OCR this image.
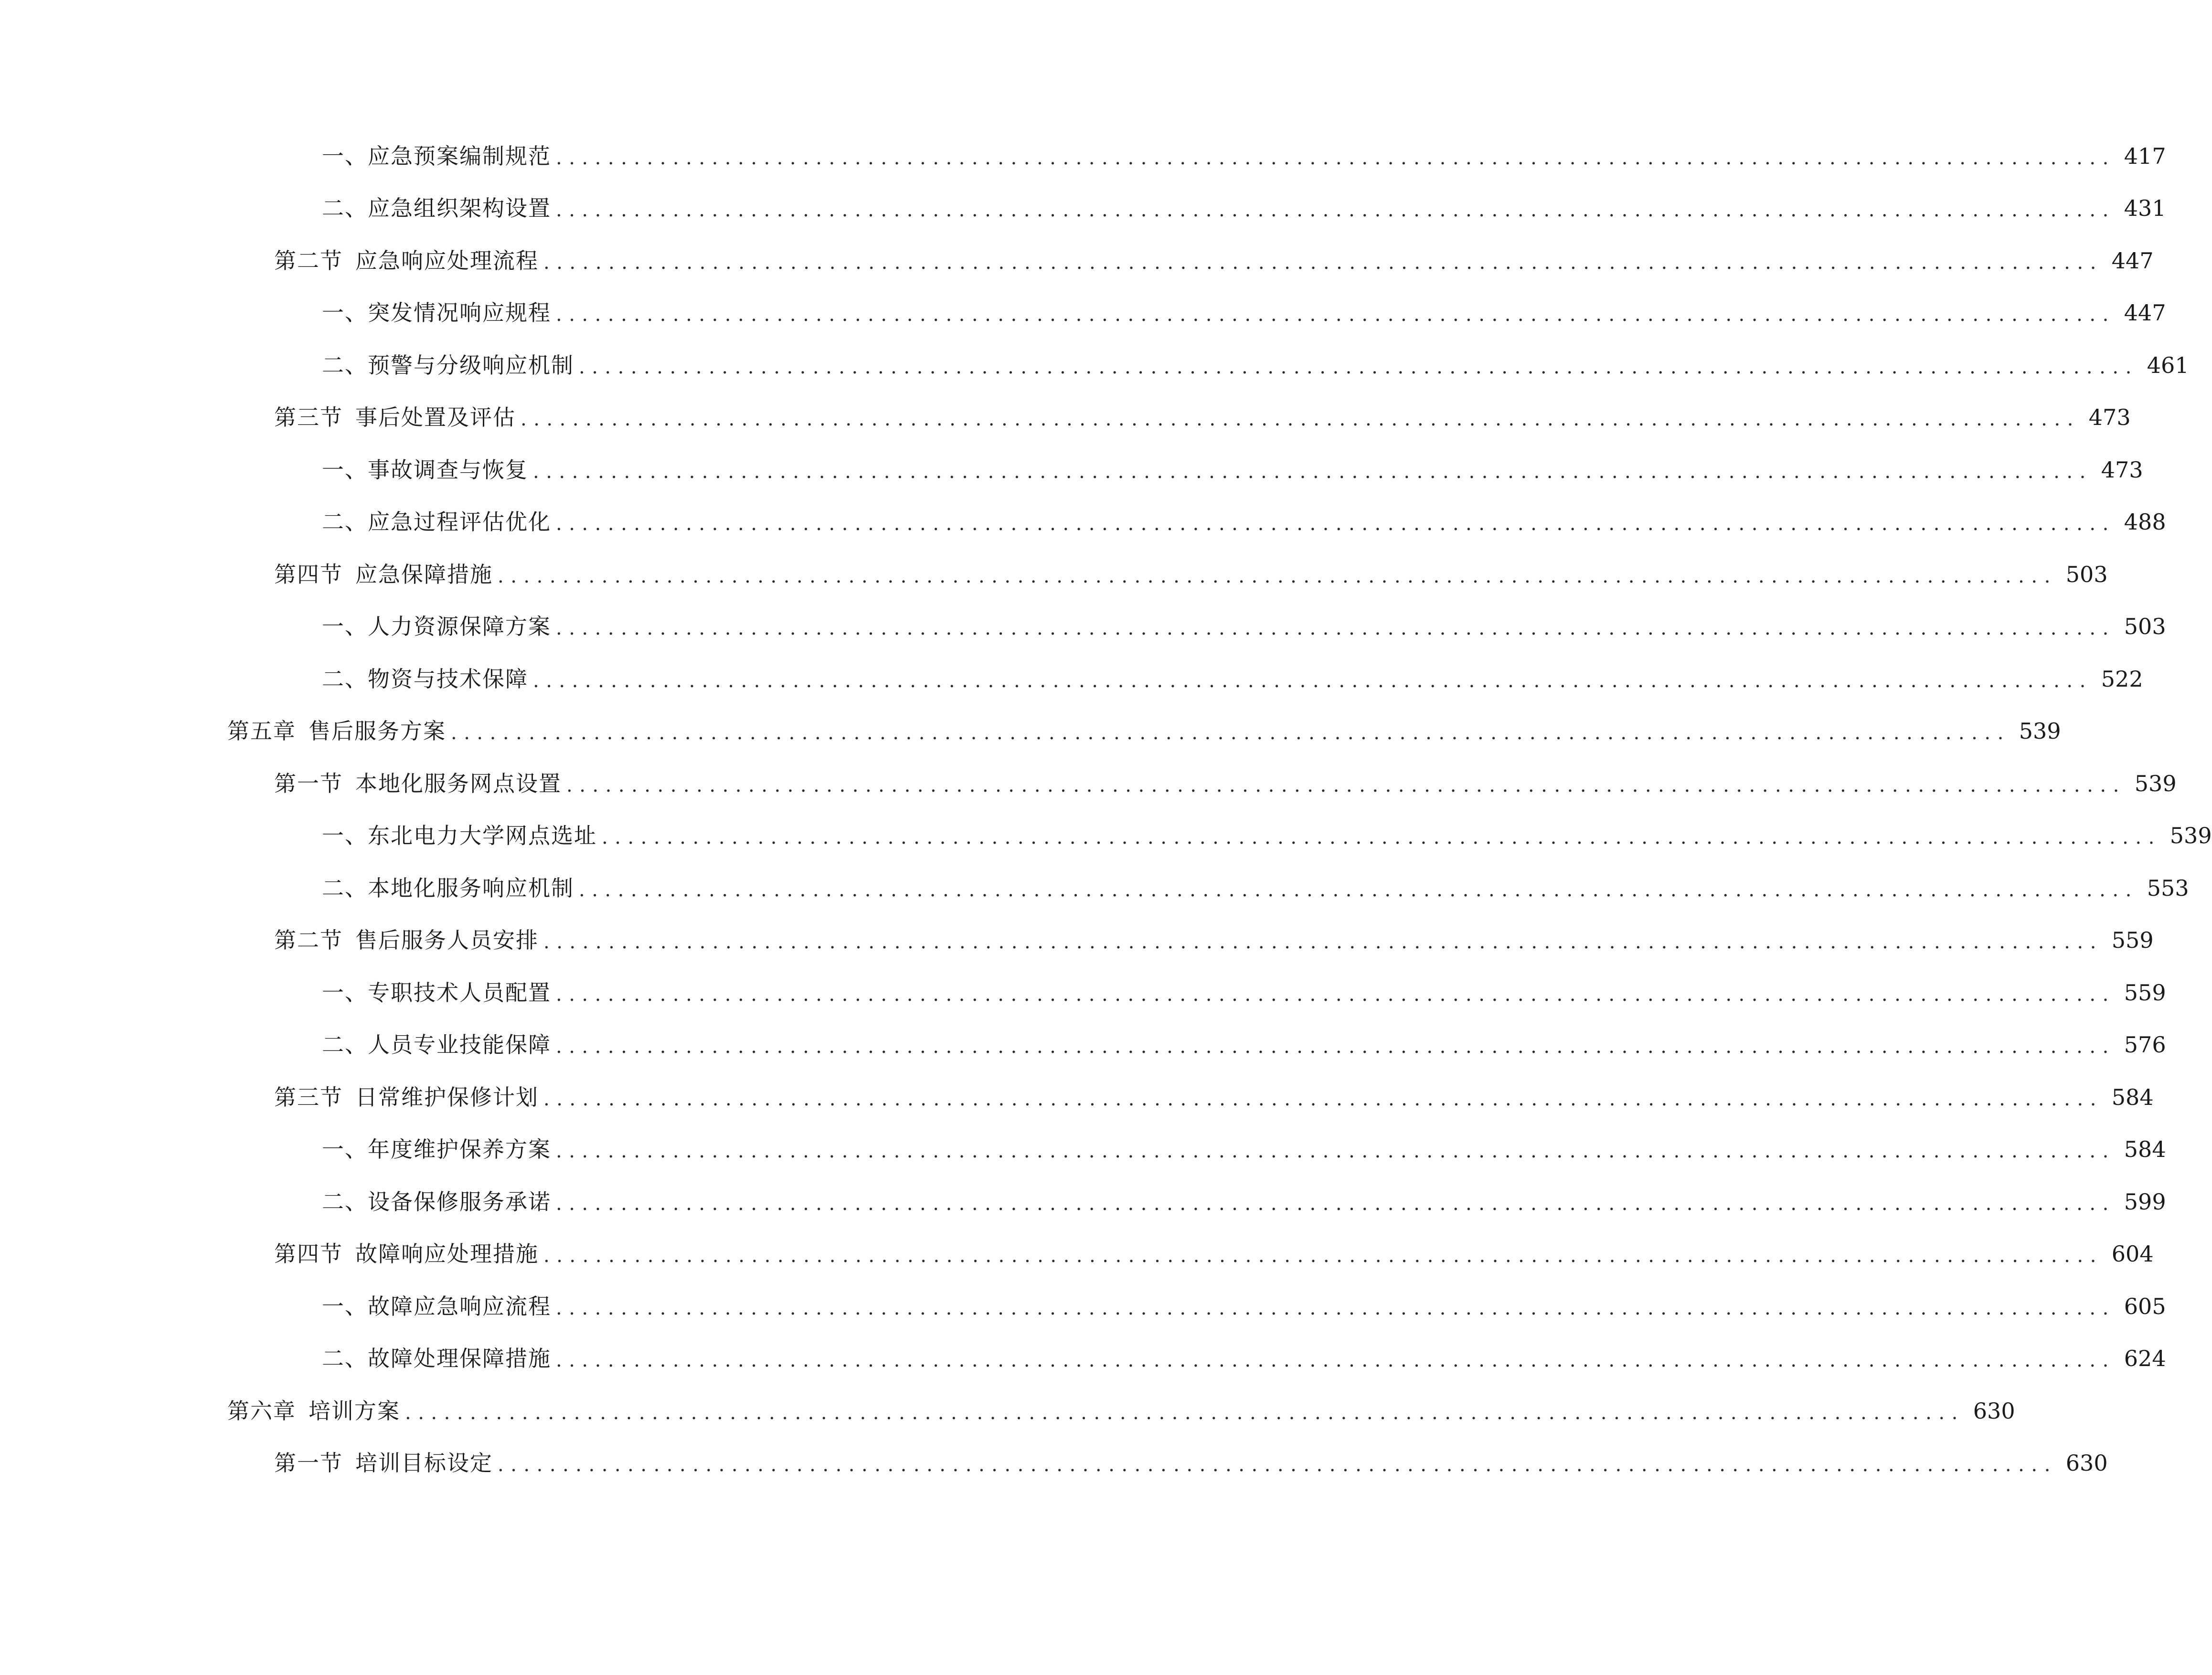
一、 应急预案编制规范 ........................................................................................................................ 417
二、 应急组织架构设置 ........................................................................................................................ 431
第二节 应急响应处理流程 ........................................................................................................................ 447
一、 突发情况响应规程 ........................................................................................................................ 447
二、 预警与分级响应机制 ........................................................................................................................ 461
第三节 事后处置及评估 ........................................................................................................................ 473
一、 事故调查与恢复 ........................................................................................................................ 473
二、 应急过程评估优化 ........................................................................................................................ 488
第四节 应急保障措施 ........................................................................................................................ 503
一、 人力资源保障方案 ........................................................................................................................ 503
二、 物资与技术保障 ........................................................................................................................ 522
第五章 售后服务方案 ........................................................................................................................ 539
第一节 本地化服务网点设置 ........................................................................................................................ 539
一、 东北电力大学网点选址 ........................................................................................................................ 539
二、 本地化服务响应机制 ........................................................................................................................ 553
第二节 售后服务人员安排 ........................................................................................................................ 559
一、 专职技术人员配置 ........................................................................................................................ 559
二、 人员专业技能保障 ........................................................................................................................ 576
第三节 日常维护保修计划 ........................................................................................................................ 584
一、 年度维护保养方案 ........................................................................................................................ 584
二、 设备保修服务承诺 ........................................................................................................................ 599
第四节 故障响应处理措施 ........................................................................................................................ 604
一、 故障应急响应流程 ........................................................................................................................ 605
二、 故障处理保障措施 ........................................................................................................................ 624
第六章 培训方案 ........................................................................................................................ 630
第一节 培训目标设定 ........................................................................................................................ 630
